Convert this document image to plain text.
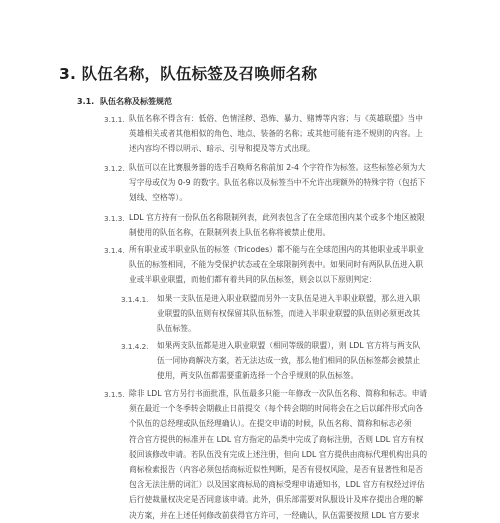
3. 队伍名称，队伍标签及召唤师名称
3.1. 队伍名称及标签规范
3.1.1. 队伍名称不得含有：低俗、色情淫秽、恐怖、暴力、赌博等内容；与《英雄联盟》当中
英雄相关或者其他相似的角色、地点、装备的名称；或其他可能有违不规则的内容。上
述内容均不得以明示、暗示、引导和提及等方式出现。
3.1.2. 队伍可以在比赛服务器的选手召唤师名称前加 2-4 个字符作为标签。这些标签必须为大
写字母或仅为 0-9 的数字。队伍名称以及标签当中不允许出现额外的特殊字符（包括下
划线、空格等）。
3.1.3. LDL 官方持有一份队伍名称限制列表，此列表包含了在全球范围内某个或多个地区被限
制使用的队伍名称，在限制列表上队伍名称将被禁止使用。
3.1.4. 所有职业或半职业队伍的标签（Tricodes）都不能与在全球范围内的其他职业或半职业
队伍的标签相同，不能为受保护状态或在全球限制列表中。如果同时有两队队伍进入职
业或半职业联盟，而他们都有着共同的队伍标签，则会以以下原则判定：
3.1.4.1. 如果一支队伍是进入职业联盟而另外一支队伍是进入半职业联盟，那么进入职
业联盟的队伍则有权保留其队伍标签，而进入半职业联盟的队伍则必须更改其
队伍标签。
3.1.4.2. 如果两支队伍都是进入职业联盟（相同等级的联盟），则 LDL 官方将与两支队
伍一同协商解决方案，若无法达成一致，那么他们相同的队伍标签都会被禁止
使用，两支队伍都需要重新选择一个合乎规则的队伍标签。
3.1.5. 除非 LDL 官方另行书面批准，队伍最多只能一年修改一次队伍名称、简称和标志。申请
须在最近一个冬季转会期截止日前提交（每个转会期的时间将会在之后以邮件形式向各
个队伍的总经理或队伍经理确认）。在提交申请的时候，队伍名称、简称和标志必须
符合官方提供的标准并在 LDL 官方指定的品类中完成了商标注册，否则 LDL 官方有权
驳回该修改申请。若队伍没有完成上述注册，但向 LDL 官方提供由商标代理机构出具的
商标检索报告（内容必须包括商标近似性判断，是否有侵权风险，是否有显著性和是否
包含无法注册的词汇）以及国家商标局的商标受理申请通知书，LDL 官方有权经过评估
后行使裁量权决定是否同意该申请。此外，俱乐部需要对队服设计及库存提出合理的解
决方案，并在上述任何修改前获得官方许可，一经确认，队伍需要按照 LDL 官方要求
